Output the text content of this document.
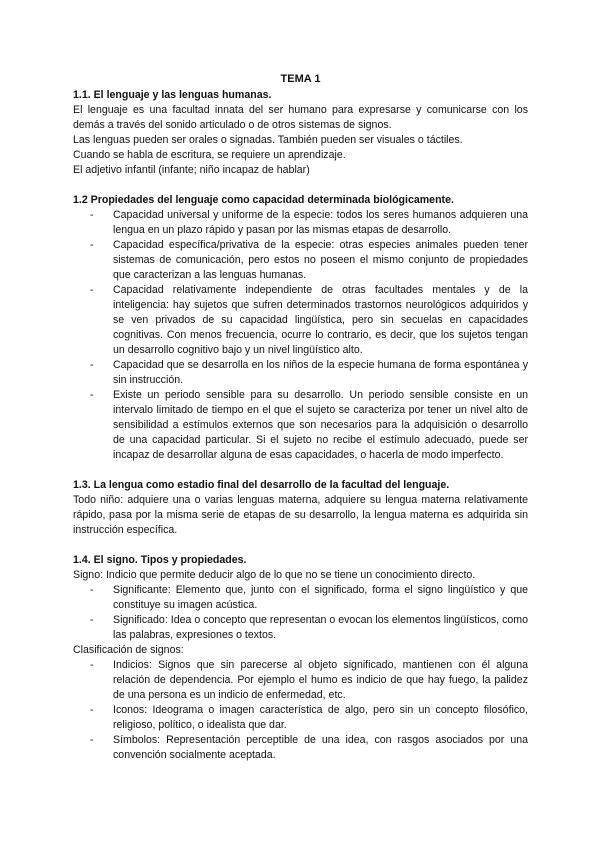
TEMA 1
1.1. El lenguaje y las lenguas humanas.

El lenguaje es una facultad innata del ser humano para expresarse y comunicarse con los demás a través del sonido articulado o de otros sistemas de signos.

Las lenguas pueden ser orales o signadas. También pueden ser visuales o táctiles.

Cuando se habla de escritura, se requiere un aprendizaje.

El adjetivo infantil (infante; niño incapaz de hablar)

1.2 Propiedades del lenguaje como capacidad determinada biológicamente.
- Capacidad universal y uniforme de la especie: todos los seres humanos adquieren una lengua en un plazo rápido y pasan por las mismas etapas de desarrollo.
- Capacidad específica/privativa de la especie: otras especies animales pueden tener sistemas de comunicación, pero estos no poseen el mismo conjunto de propiedades que caracterizan a las lenguas humanas.
- Capacidad relativamente independiente de otras facultades mentales y de la inteligencia: hay sujetos que sufren determinados trastornos neurológicos adquiridos y se ven privados de su capacidad lingüística, pero sin secuelas en capacidades cognitivas. Con menos frecuencia, ocurre lo contrario, es decir, que los sujetos tengan un desarrollo cognitivo bajo y un nivel lingüístico alto.
- Capacidad que se desarrolla en los niños de la especie humana de forma espontánea y sin instrucción.
- Existe un periodo sensible para su desarrollo. Un periodo sensible consiste en un intervalo limitado de tiempo en el que el sujeto se caracteriza por tener un nivel alto de sensibilidad a estímulos externos que son necesarios para la adquisición o desarrollo de una capacidad particular. Si el sujeto no recibe el estímulo adecuado, puede ser incapaz de desarrollar alguna de esas capacidades, o hacerla de modo imperfecto.
1.3. La lengua como estadio final del desarrollo de la facultad del lenguaje.

Todo niño: adquiere una o varias lenguas materna, adquiere su lengua materna relativamente rápido, pasa por la misma serie de etapas de su desarrollo, la lengua materna es adquirida sin instrucción específica.

1.4. El signo. Tipos y propiedades.

Signo: Indicio que permite deducir algo de lo que no se tiene un conocimiento directo.

- Significante: Elemento que, junto con el significado, forma el signo lingüístico y que constituye su imagen acústica.
- Significado: Idea o concepto que representan o evocan los elementos lingüísticos, como las palabras, expresiones o textos.

Clasificación de signos:

- Indicios: Signos que sin parecerse al objeto significado, mantienen con él alguna relación de dependencia. Por ejemplo el humo es indicio de que hay fuego, la palidez de una persona es un indicio de enfermedad, etc.
- Iconos: Ideograma o imagen característica de algo, pero sin un concepto filosófico, religioso, político, o idealista que dar.
- Símbolos: Representación perceptible de una idea, con rasgos asociados por una convención socialmente aceptada.
